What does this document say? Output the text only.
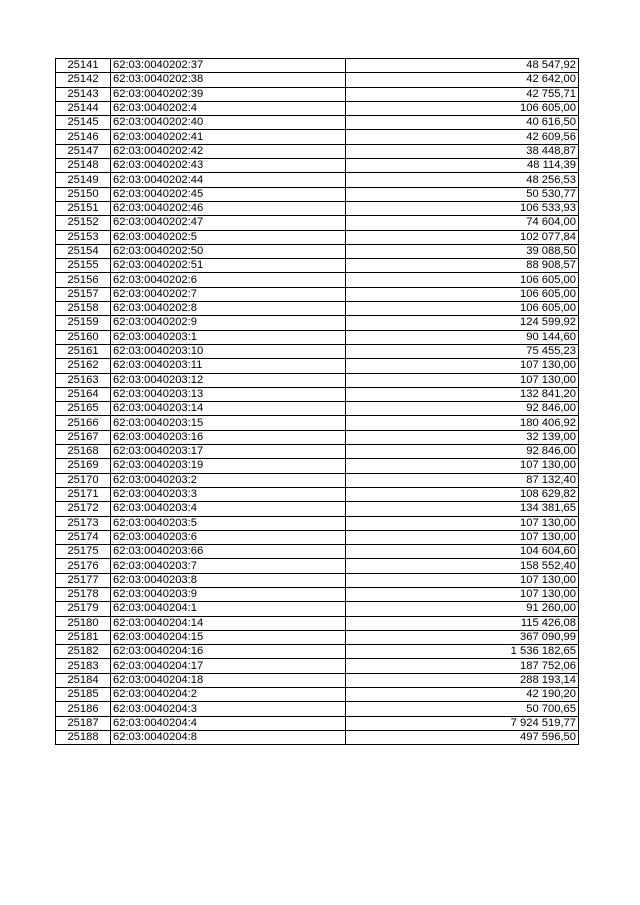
25141	62:03:0040202:37	48 547,92
25142	62:03:0040202:38	42 642,00
25143	62:03:0040202:39	42 755,71
25144	62:03:0040202:4	106 605,00
25145	62:03:0040202:40	40 616,50
25146	62:03:0040202:41	42 609,56
25147	62:03:0040202:42	38 448,87
25148	62:03:0040202:43	48 114,39
25149	62:03:0040202:44	48 256,53
25150	62:03:0040202:45	50 530,77
25151	62:03:0040202:46	106 533,93
25152	62:03:0040202:47	74 604,00
25153	62:03:0040202:5	102 077,84
25154	62:03:0040202:50	39 088,50
25155	62:03:0040202:51	88 908,57
25156	62:03:0040202:6	106 605,00
25157	62:03:0040202:7	106 605,00
25158	62:03:0040202:8	106 605,00
25159	62:03:0040202:9	124 599,92
25160	62:03:0040203:1	90 144,60
25161	62:03:0040203:10	75 455,23
25162	62:03:0040203:11	107 130,00
25163	62:03:0040203:12	107 130,00
25164	62:03:0040203:13	132 841,20
25165	62:03:0040203:14	92 846,00
25166	62:03:0040203:15	180 406,92
25167	62:03:0040203:16	32 139,00
25168	62:03:0040203:17	92 846,00
25169	62:03:0040203:19	107 130,00
25170	62:03:0040203:2	87 132,40
25171	62:03:0040203:3	108 629,82
25172	62:03:0040203:4	134 381,65
25173	62:03:0040203:5	107 130,00
25174	62:03:0040203:6	107 130,00
25175	62:03:0040203:66	104 604,60
25176	62:03:0040203:7	158 552,40
25177	62:03:0040203:8	107 130,00
25178	62:03:0040203:9	107 130,00
25179	62:03:0040204:1	91 260,00
25180	62:03:0040204:14	115 426,08
25181	62:03:0040204:15	367 090,99
25182	62:03:0040204:16	1 536 182,65
25183	62:03:0040204:17	187 752,06
25184	62:03:0040204:18	288 193,14
25185	62:03:0040204:2	42 190,20
25186	62:03:0040204:3	50 700,65
25187	62:03:0040204:4	7 924 519,77
25188	62:03:0040204:8	497 596,50
